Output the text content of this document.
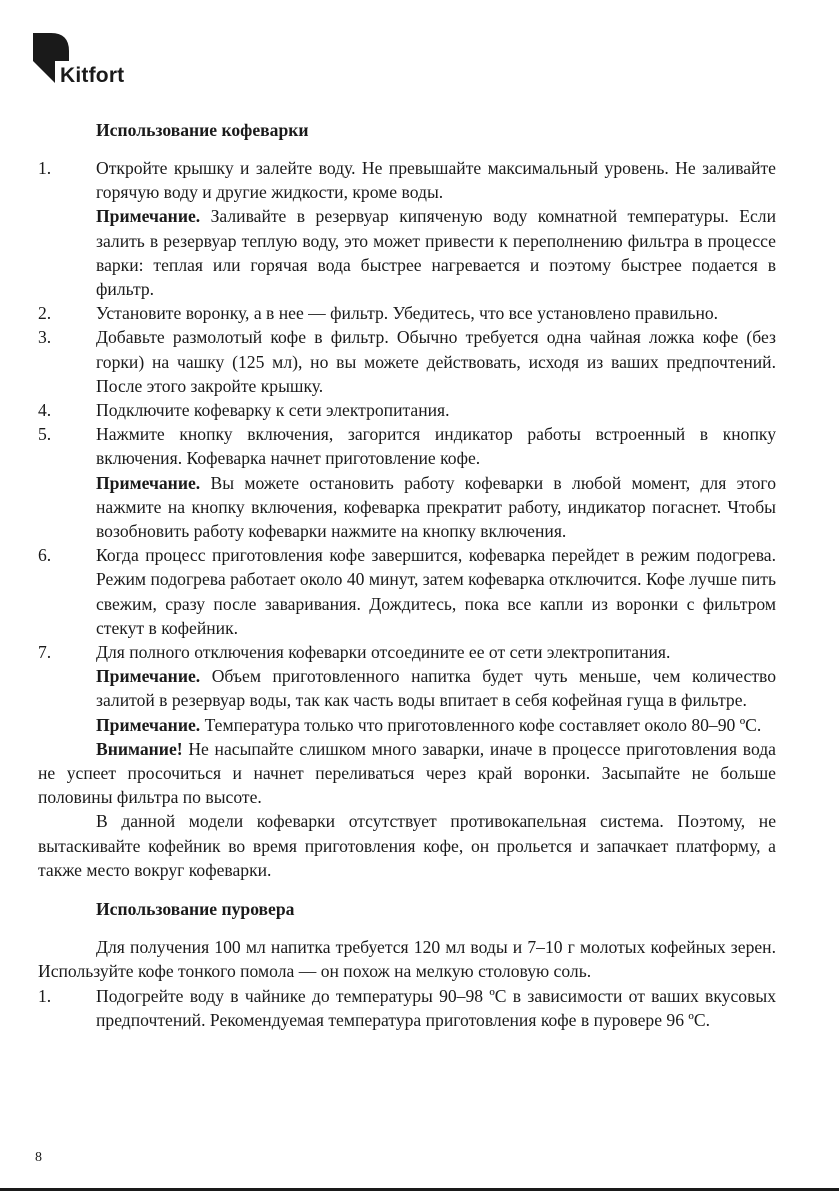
Kitfort

Использование кофеварки

1.	Откройте крышку и залейте воду. Не превышайте максимальный уровень. Не заливайте горячую воду и другие жидкости, кроме воды.

Примечание. Заливайте в резервуар кипяченую воду комнатной температуры. Если залить в резервуар теплую воду, это может привести к переполнению фильтра в процессе варки: теплая или горячая вода быстрее нагревается и поэтому быстрее подается в фильтр.

2.	Установите воронку, а в нее — фильтр. Убедитесь, что все установлено правильно.

3.	Добавьте размолотый кофе в фильтр. Обычно требуется одна чайная ложка кофе (без горки) на чашку (125 мл), но вы можете действовать, исходя из ваших предпочтений. После этого закройте крышку.

4.	Подключите кофеварку к сети электропитания.

5.	Нажмите кнопку включения, загорится индикатор работы встроенный в кнопку включения. Кофеварка начнет приготовление кофе.

Примечание. Вы можете остановить работу кофеварки в любой момент, для этого нажмите на кнопку включения, кофеварка прекратит работу, индикатор погаснет. Чтобы возобновить работу кофеварки нажмите на кнопку включения.

6.	Когда процесс приготовления кофе завершится, кофеварка перейдет в режим подогрева. Режим подогрева работает около 40 минут, затем кофеварка отключится. Кофе лучше пить свежим, сразу после заваривания. Дождитесь, пока все капли из воронки с фильтром стекут в кофейник.

7.	Для полного отключения кофеварки отсоедините ее от сети электропитания.

Примечание. Объем приготовленного напитка будет чуть меньше, чем количество залитой в резервуар воды, так как часть воды впитает в себя кофейная гуща в фильтре.

Примечание. Температура только что приготовленного кофе составляет около 80–90 ºC.

Внимание! Не насыпайте слишком много заварки, иначе в процессе приготовления вода не успеет просочиться и начнет переливаться через край воронки. Засыпайте не больше половины фильтра по высоте.

В данной модели кофеварки отсутствует противокапельная система. Поэтому, не вытаскивайте кофейник во время приготовления кофе, он прольется и запачкает платформу, а также место вокруг кофеварки.

Использование пуровера

Для получения 100 мл напитка требуется 120 мл воды и 7–10 г молотых кофейных зерен. Используйте кофе тонкого помола — он похож на мелкую столовую соль.

1.	Подогрейте воду в чайнике до температуры 90–98 ºC в зависимости от ваших вкусовых предпочтений. Рекомендуемая температура приготовления кофе в пуровере 96 ºC.

8
